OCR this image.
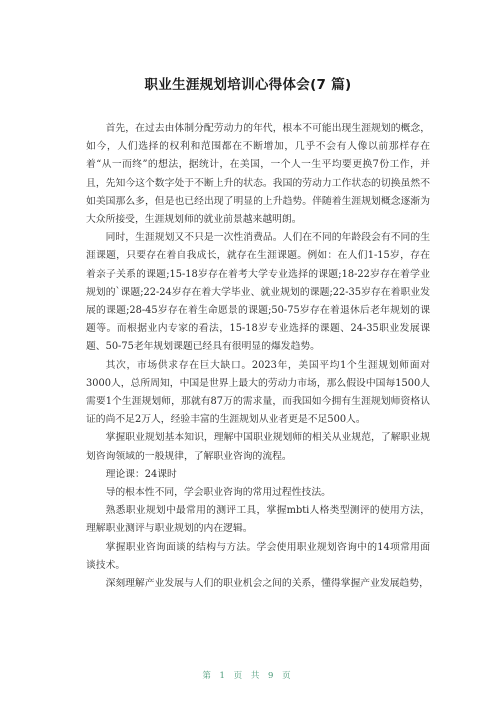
职业生涯规划培训心得体会(7 篇)

首先，在过去由体制分配劳动力的年代，根本不可能出现生涯规划的概念，如今，人们选择的权利和范围都在不断增加，几乎不会有人像以前那样存在着“从一而终”的想法，据统计，在美国，一个人一生平均要更换7份工作，并且，先知今这个数字处于不断上升的状态。我国的劳动力工作状态的切换虽然不如美国那么多，但是也已经出现了明显的上升趋势。伴随着生涯规划概念逐渐为大众所接受，生涯规划师的就业前景越来越明朗。

同时，生涯规划又不只是一次性消费品。人们在不同的年龄段会有不同的生涯课题，只要存在着自我成长，就存在生涯课题。例如：在人们1-15岁，存在着亲子关系的课题;15-18岁存在着考大学专业选择的课题;18-22岁存在着学业规划的`课题;22-24岁存在着大学毕业、就业规划的课题;22-35岁存在着职业发展的课题;28-45岁存在着生命愿景的课题;50-75岁存在着退休后老年规划的课题等。而根据业内专家的看法，15-18岁专业选择的课题、24-35职业发展课题、50-75老年规划课题已经具有很明显的爆发趋势。

其次，市场供求存在巨大缺口。2023年，美国平均1个生涯规划师面对3000人，总所周知，中国是世界上最大的劳动力市场，那么假设中国每1500人需要1个生涯规划师，那就有87万的需求量，而我国如今拥有生涯规划师资格认证的尚不足2万人，经验丰富的生涯规划从业者更是不足500人。

掌握职业规划基本知识，理解中国职业规划师的相关从业规范，了解职业规划咨询领域的一般规律，了解职业咨询的流程。

理论课：24课时

导的根本性不同，学会职业咨询的常用过程性技法。

熟悉职业规划中最常用的测评工具，掌握mbti人格类型测评的使用方法，理解职业测评与职业规划的内在逻辑。

掌握职业咨询面谈的结构与方法。学会使用职业规划咨询中的14项常用面谈技术。

深刻理解产业发展与人们的职业机会之间的关系，懂得掌握产业发展趋势，

第 1 页 共 9 页
